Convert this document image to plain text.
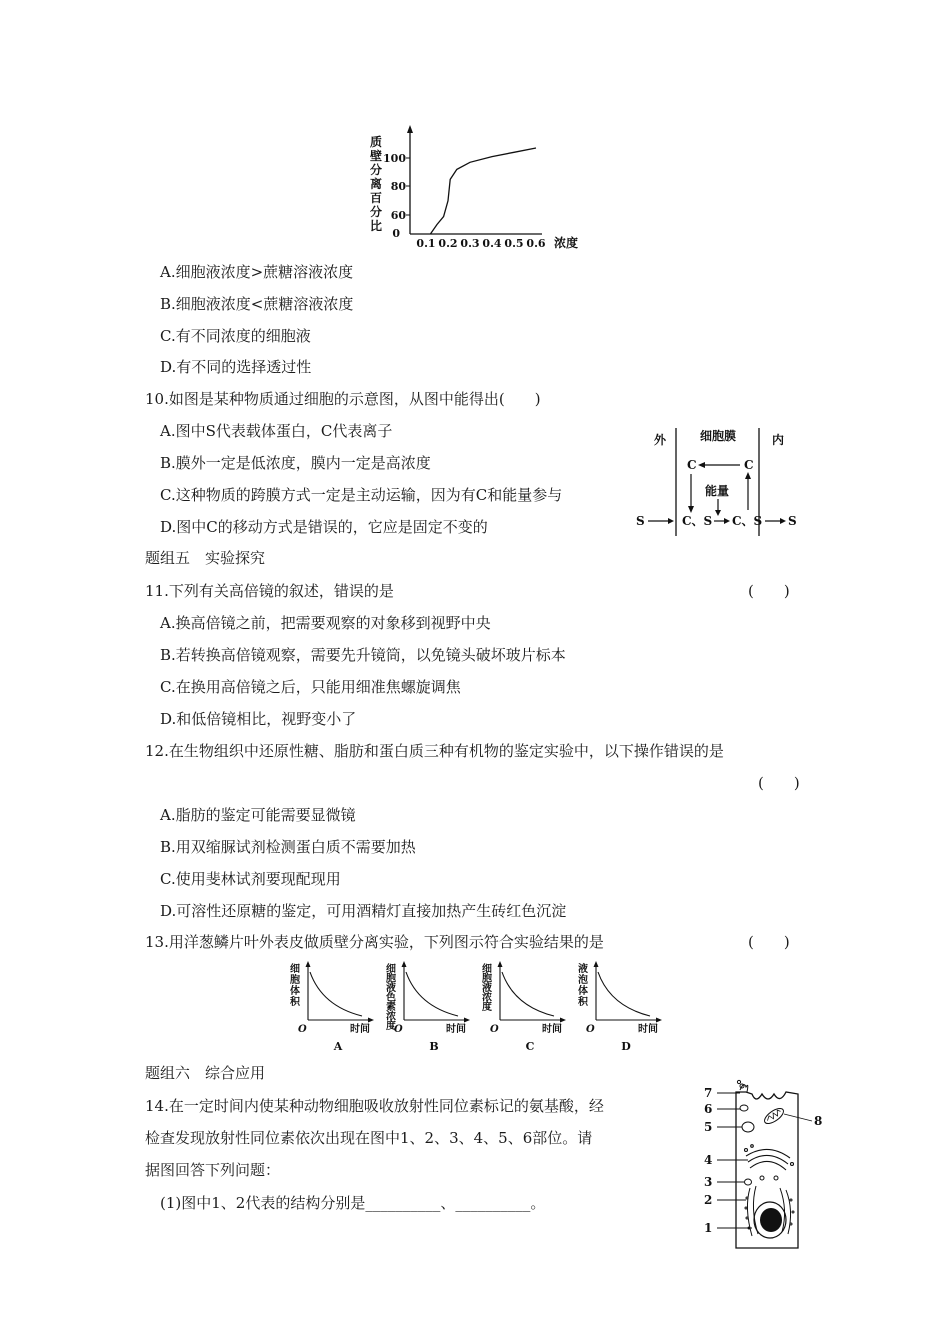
质
壁
分
离
百
分
比
0
60
80
100
0.1 0.2 0.3 0.4 0.5 0.6 浓度
A.细胞液浓度>蔗糖溶液浓度
B.细胞液浓度<蔗糖溶液浓度
C.有不同浓度的细胞液
D.有不同的选择透过性
10.如图是某种物质通过细胞的示意图，从图中能得出(　　)
A.图中S代表载体蛋白，C代表离子
B.膜外一定是低浓度，膜内一定是高浓度
C.这种物质的跨膜方式一定是主动运输，因为有C和能量参与
D.图中C的移动方式是错误的，它应是固定不变的
外	细胞膜	内
C	C
能量
C、S C、S
S	S
题组五　实验探究
11.下列有关高倍镜的叙述，错误的是	(　　)
A.换高倍镜之前，把需要观察的对象移到视野中央
B.若转换高倍镜观察，需要先升镜筒，以免镜头破坏玻片标本
C.在换用高倍镜之后，只能用细准焦螺旋调焦
D.和低倍镜相比，视野变小了
12.在生物组织中还原性糖、脂肪和蛋白质三种有机物的鉴定实验中，以下操作错误的是
(　　)
A.脂肪的鉴定可能需要显微镜
B.用双缩脲试剂检测蛋白质不需要加热
C.使用斐林试剂要现配现用
D.可溶性还原糖的鉴定，可用酒精灯直接加热产生砖红色沉淀
13.用洋葱鳞片叶外表皮做质壁分离实验，下列图示符合实验结果的是	(　　)
细
胞
体
积
O	时间
A
细
胞
液
色
素
浓
度
O	时间
B
细
胞
液
浓
度
O	时间
C
液
泡
体
积
O	时间
D
题组六　综合应用
14.在一定时间内使某种动物细胞吸收放射性同位素标记的氨基酸，经
检查发现放射性同位素依次出现在图中1、2、3、4、5、6部位。请
据图回答下列问题：
(1)图中1、2代表的结构分别是__________、__________。
7
6
5
4
3
2
1
8
